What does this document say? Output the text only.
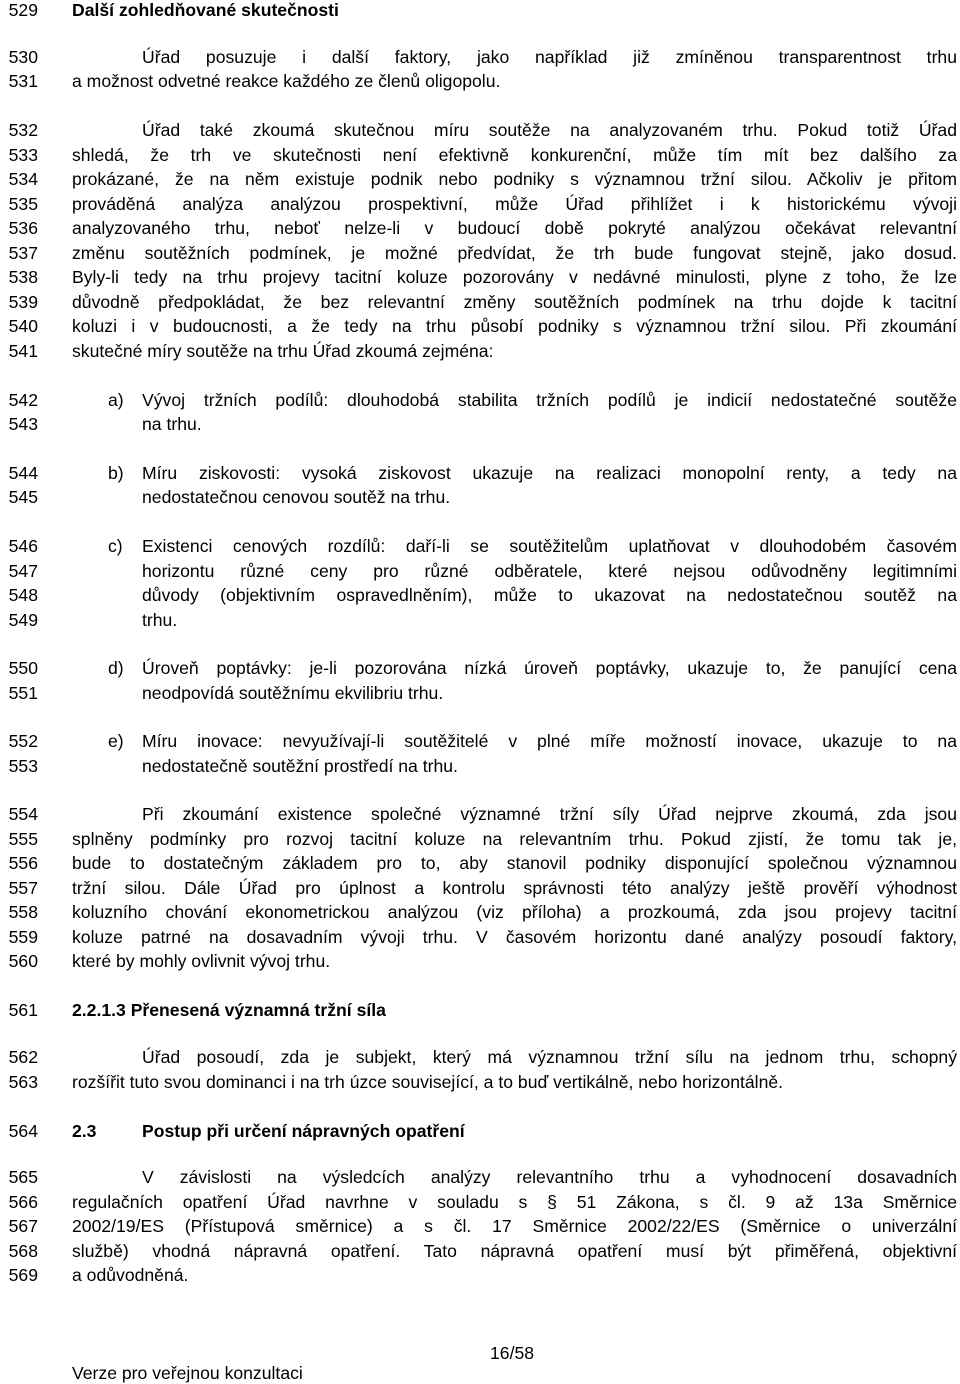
529
530
531
532
533
534
535
536
537
538
539
540
541
542
543
544
545
546
547
548
549
550
551
552
553
554
555
556
557
558
559
560
561
562
563
564
565
566
567
568
569
Další zohledňované skutečnosti
Úřad posuzuje i další faktory, jako například již zmíněnou transparentnost trhu
a možnost odvetné reakce každého ze členů oligopolu.
Úřad také zkoumá skutečnou míru soutěže na analyzovaném trhu. Pokud totiž Úřad
shledá, že trh ve skutečnosti není efektivně konkurenční, může tím mít bez dalšího za
prokázané, že na něm existuje podnik nebo podniky s významnou tržní silou. Ačkoliv je přitom
prováděná analýza analýzou prospektivní, může Úřad přihlížet i k historickému vývoji
analyzovaného trhu, neboť nelze-li v budoucí době pokryté analýzou očekávat relevantní
změnu soutěžních podmínek, je možné předvídat, že trh bude fungovat stejně, jako dosud.
Byly-li tedy na trhu projevy tacitní koluze pozorovány v nedávné minulosti, plyne z toho, že lze
důvodně předpokládat, že bez relevantní změny soutěžních podmínek na trhu dojde k tacitní
koluzi i v budoucnosti, a že tedy na trhu působí podniky s významnou tržní silou. Při zkoumání
skutečné míry soutěže na trhu Úřad zkoumá zejména:
a) Vývoj tržních podílů: dlouhodobá stabilita tržních podílů je indicií nedostatečné soutěže
na trhu.
b) Míru ziskovosti: vysoká ziskovost ukazuje na realizaci monopolní renty, a tedy na
nedostatečnou cenovou soutěž na trhu.
c) Existenci cenových rozdílů: daří-li se soutěžitelům uplatňovat v dlouhodobém časovém
horizontu různé ceny pro různé odběratele, které nejsou odůvodněny legitimními
důvody (objektivním ospravedlněním), může to ukazovat na nedostatečnou soutěž na
trhu.
d) Úroveň poptávky: je-li pozorována nízká úroveň poptávky, ukazuje to, že panující cena
neodpovídá soutěžnímu ekvilibriu trhu.
e) Míru inovace: nevyužívají-li soutěžitelé v plné míře možností inovace, ukazuje to na
nedostatečně soutěžní prostředí na trhu.
Při zkoumání existence společné významné tržní síly Úřad nejprve zkoumá, zda jsou
splněny podmínky pro rozvoj tacitní koluze na relevantním trhu. Pokud zjistí, že tomu tak je,
bude to dostatečným základem pro to, aby stanovil podniky disponující společnou významnou
tržní silou. Dále Úřad pro úplnost a kontrolu správnosti této analýzy ještě prověří výhodnost
koluzního chování ekonometrickou analýzou (viz příloha) a prozkoumá, zda jsou projevy tacitní
koluze patrné na dosavadním vývoji trhu. V časovém horizontu dané analýzy posoudí faktory,
které by mohly ovlivnit vývoj trhu.
2.2.1.3 Přenesená významná tržní síla
Úřad posoudí, zda je subjekt, který má významnou tržní sílu na jednom trhu, schopný
rozšířit tuto svou dominanci i na trh úzce související, a to buď vertikálně, nebo horizontálně.
2.3	Postup při určení nápravných opatření
V závislosti na výsledcích analýzy relevantního trhu a vyhodnocení dosavadních
regulačních opatření Úřad navrhne v souladu s § 51 Zákona, s čl. 9 až 13a Směrnice
2002/19/ES (Přístupová směrnice) a s čl. 17 Směrnice 2002/22/ES (Směrnice o univerzální
službě) vhodná nápravná opatření. Tato nápravná opatření musí být přiměřená, objektivní
a odůvodněná.
16/58
Verze pro veřejnou konzultaci
